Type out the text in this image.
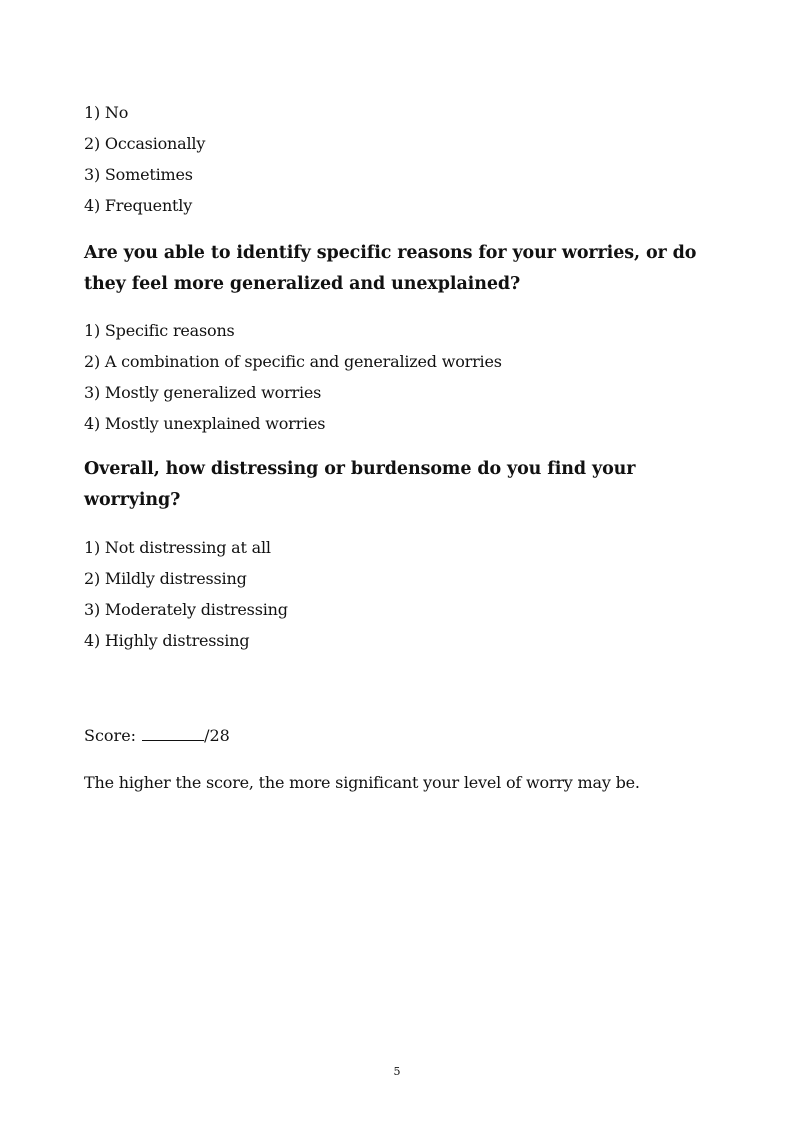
1) No
2) Occasionally
3) Sometimes
4) Frequently
Are you able to identify specific reasons for your worries, or do they feel more generalized and unexplained?
1) Specific reasons
2) A combination of specific and generalized worries
3) Mostly generalized worries
4) Mostly unexplained worries
Overall, how distressing or burdensome do you find your worrying?
1) Not distressing at all
2) Mildly distressing
3) Moderately distressing
4) Highly distressing
Score:	/28

The higher the score, the more significant your level of worry may be.

5
